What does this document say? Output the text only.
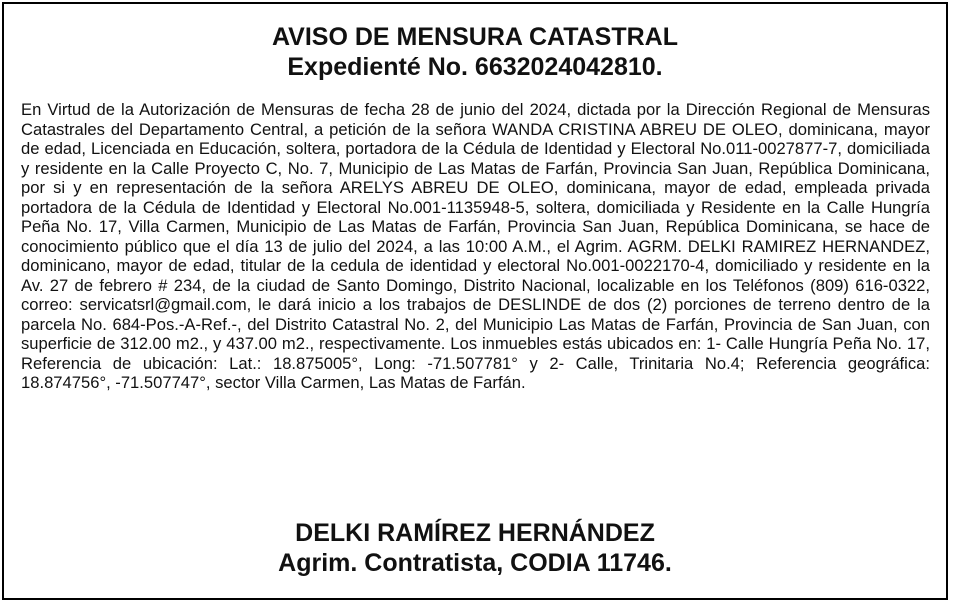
AVISO DE MENSURA CATASTRAL

Expedienté No. 6632024042810.

En Virtud de la Autorización de Mensuras de fecha 28 de junio del 2024, dictada por la Dirección Regional de Mensuras Catastrales del Departamento Central, a petición de la señora WANDA CRISTINA ABREU DE OLEO, dominicana, mayor de edad, Licenciada en Educación, soltera, portadora de la Cédula de Identidad y Electoral No.011-0027877-7, domiciliada y residente en la Calle Proyecto C, No. 7, Municipio de Las Matas de Farfán, Provincia San Juan, República Dominicana, por si y en representación de la señora ARELYS ABREU DE OLEO, dominicana, mayor de edad, empleada privada portadora de la Cédula de Identidad y Electoral No.001-1135948-5, soltera, domiciliada y Residente en la Calle Hungría Peña No. 17, Villa Carmen, Municipio de Las Matas de Farfán, Provincia San Juan, República Dominicana, se hace de conocimiento público que el día 13 de julio del 2024, a las 10:00 A.M., el Agrim. AGRM. DELKI RAMIREZ HERNANDEZ, dominicano, mayor de edad, titular de la cedula de identidad y electoral No.001-0022170-4, domiciliado y residente en la Av. 27 de febrero # 234, de la ciudad de Santo Domingo, Distrito Nacional, localizable en los Teléfonos (809) 616-0322, correo: servicatsrl@gmail.com, le dará inicio a los trabajos de DESLINDE de dos (2) porciones de terreno dentro de la parcela No. 684-Pos.-A-Ref.-, del Distrito Catastral No. 2, del Municipio Las Matas de Farfán, Provincia de San Juan, con superficie de 312.00 m2., y 437.00 m2., respectivamente. Los inmuebles estás ubicados en: 1- Calle Hungría Peña No. 17, Referencia de ubicación: Lat.: 18.875005°, Long: -71.507781° y 2- Calle, Trinitaria No.4; Referencia geográfica: 18.874756°, -71.507747°, sector Villa Carmen, Las Matas de Farfán.

DELKI RAMÍREZ HERNÁNDEZ

Agrim. Contratista, CODIA 11746.
